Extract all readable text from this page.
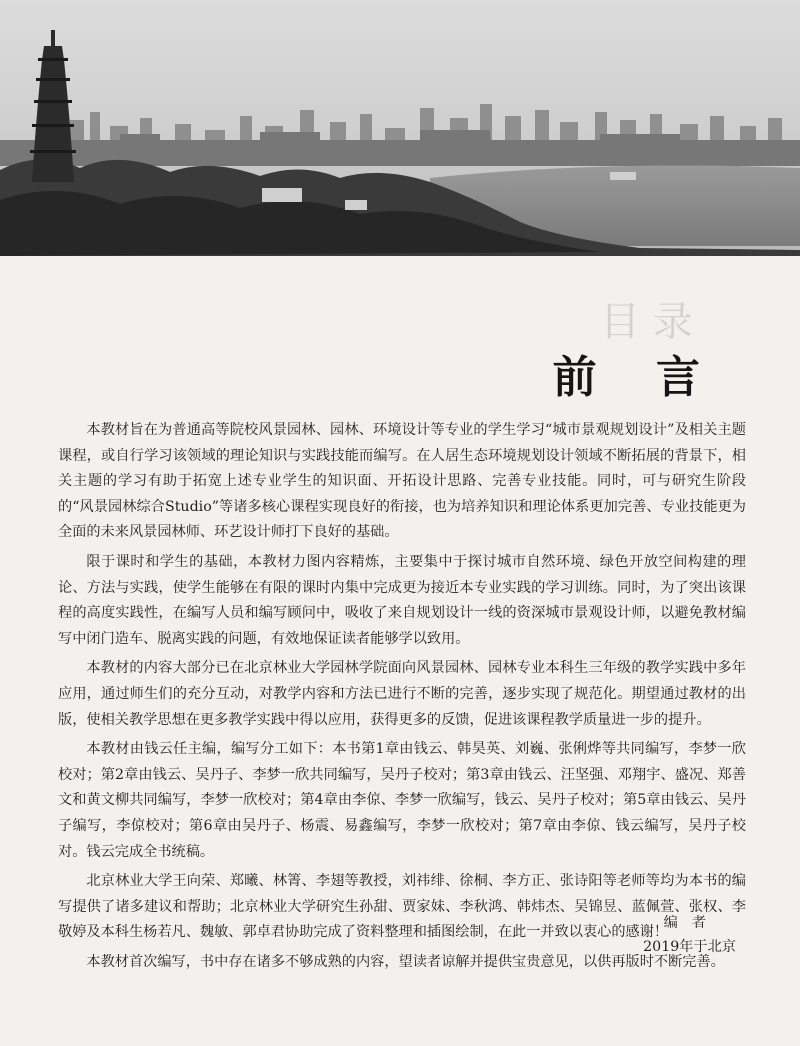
目 录
前 言

本教材旨在为普通高等院校风景园林、园林、环境设计等专业的学生学习“城市景观规划设计”及相关主题课程，或自行学习该领域的理论知识与实践技能而编写。在人居生态环境规划设计领域不断拓展的背景下，相关主题的学习有助于拓宽上述专业学生的知识面、开拓设计思路、完善专业技能。同时，可与研究生阶段的“风景园林综合Studio”等诸多核心课程实现良好的衔接，也为培养知识和理论体系更加完善、专业技能更为全面的未来风景园林师、环艺设计师打下良好的基础。

限于课时和学生的基础，本教材力图内容精炼，主要集中于探讨城市自然环境、绿色开放空间构建的理论、方法与实践，使学生能够在有限的课时内集中完成更为接近本专业实践的学习训练。同时，为了突出该课程的高度实践性，在编写人员和编写顾问中，吸收了来自规划设计一线的资深城市景观设计师，以避免教材编写中闭门造车、脱离实践的问题，有效地保证读者能够学以致用。

本教材的内容大部分已在北京林业大学园林学院面向风景园林、园林专业本科生三年级的教学实践中多年应用，通过师生们的充分互动，对教学内容和方法已进行不断的完善，逐步实现了规范化。期望通过教材的出版，使相关教学思想在更多教学实践中得以应用，获得更多的反馈，促进该课程教学质量进一步的提升。

本教材由钱云任主编，编写分工如下：本书第1章由钱云、韩昊英、刘巍、张俐烨等共同编写，李梦一欣校对；第2章由钱云、吴丹子、李梦一欣共同编写，吴丹子校对；第3章由钱云、汪坚强、邓翔宇、盛况、郑善文和黄文柳共同编写，李梦一欣校对；第4章由李倞、李梦一欣编写，钱云、吴丹子校对；第5章由钱云、吴丹子编写，李倞校对；第6章由吴丹子、杨震、易鑫编写，李梦一欣校对；第7章由李倞、钱云编写，吴丹子校对。钱云完成全书统稿。

北京林业大学王向荣、郑曦、林箐、李翅等教授，刘祎绯、徐桐、李方正、张诗阳等老师等均为本书的编写提供了诸多建议和帮助；北京林业大学研究生孙甜、贾家妹、李秋鸿、韩炜杰、吴锦昱、蓝佩萱、张权、李敬婷及本科生杨若凡、魏敏、郭卓君协助完成了资料整理和插图绘制，在此一并致以衷心的感谢！

本教材首次编写，书中存在诸多不够成熟的内容，望读者谅解并提供宝贵意见，以供再版时不断完善。

编者
2019年于北京
